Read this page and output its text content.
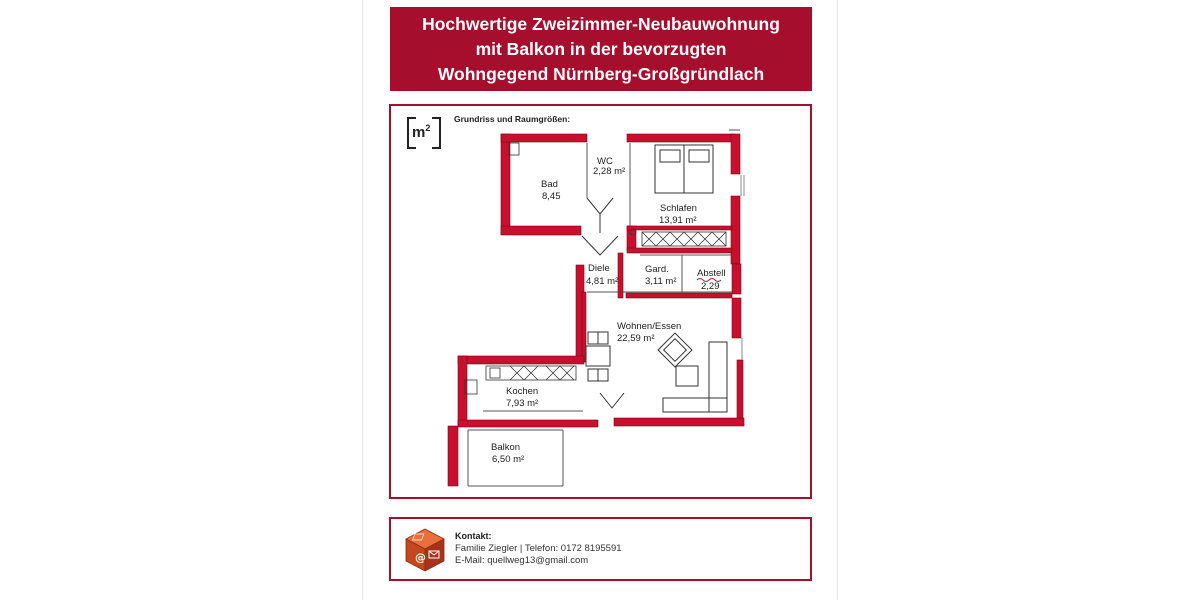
Hochwertige Zweizimmer-Neubauwohnung
mit Balkon in der bevorzugten
Wohngegend Nürnberg-Großgründlach
$m^2$
Grundriss und Raumgrößen:
WC
2,28 m²
Bad
8,45
Schlafen
13,91 m²
Diele
4,81 m²
Gard.
3,11 m²
Abstell
2,29
Wohnen/Essen
22,59 m²
Kochen
7,93 m²
Balkon
6,50 m²
@
Kontakt:
Familie Ziegler | Telefon: 0172 8195591
E-Mail: quellweg13@gmail.com
